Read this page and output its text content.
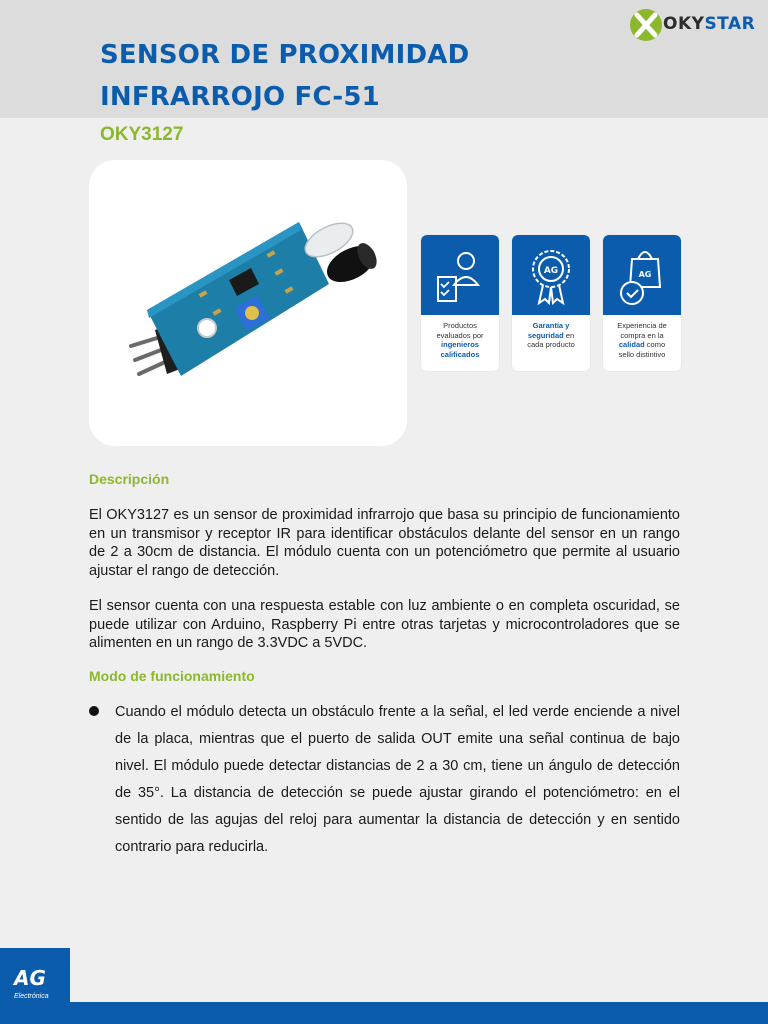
SENSOR DE PROXIMIDAD
INFRARROJO FC-51
OKYSTAR
OKY3127
Productos
evaluados por
ingenieros
calificados
AG
Garantía y
seguridad en
cada producto
AG
Experiencia de
compra en la
calidad como
sello distintivo
Descripción
El OKY3127 es un sensor de proximidad infrarrojo que basa su principio de funcionamiento en un transmisor y receptor IR para identificar obstáculos delante del sensor en un rango de 2 a 30cm de distancia. El módulo cuenta con un potenciómetro que permite al usuario ajustar el rango de detección.
El sensor cuenta con una respuesta estable con luz ambiente o en completa oscuridad, se puede utilizar con Arduino, Raspberry Pi entre otras tarjetas y microcontroladores que se alimenten en un rango de 3.3VDC a 5VDC.
Modo de funcionamiento
Cuando el módulo detecta un obstáculo frente a la señal, el led verde enciende a nivel de la placa, mientras que el puerto de salida OUT emite una señal continua de bajo nivel. El módulo puede detectar distancias de 2 a 30 cm, tiene un ángulo de detección de 35°. La distancia de detección se puede ajustar girando el potenciómetro: en el sentido de las agujas del reloj para aumentar la distancia de detección y en sentido contrario para reducirla.
AG
Electrónica
